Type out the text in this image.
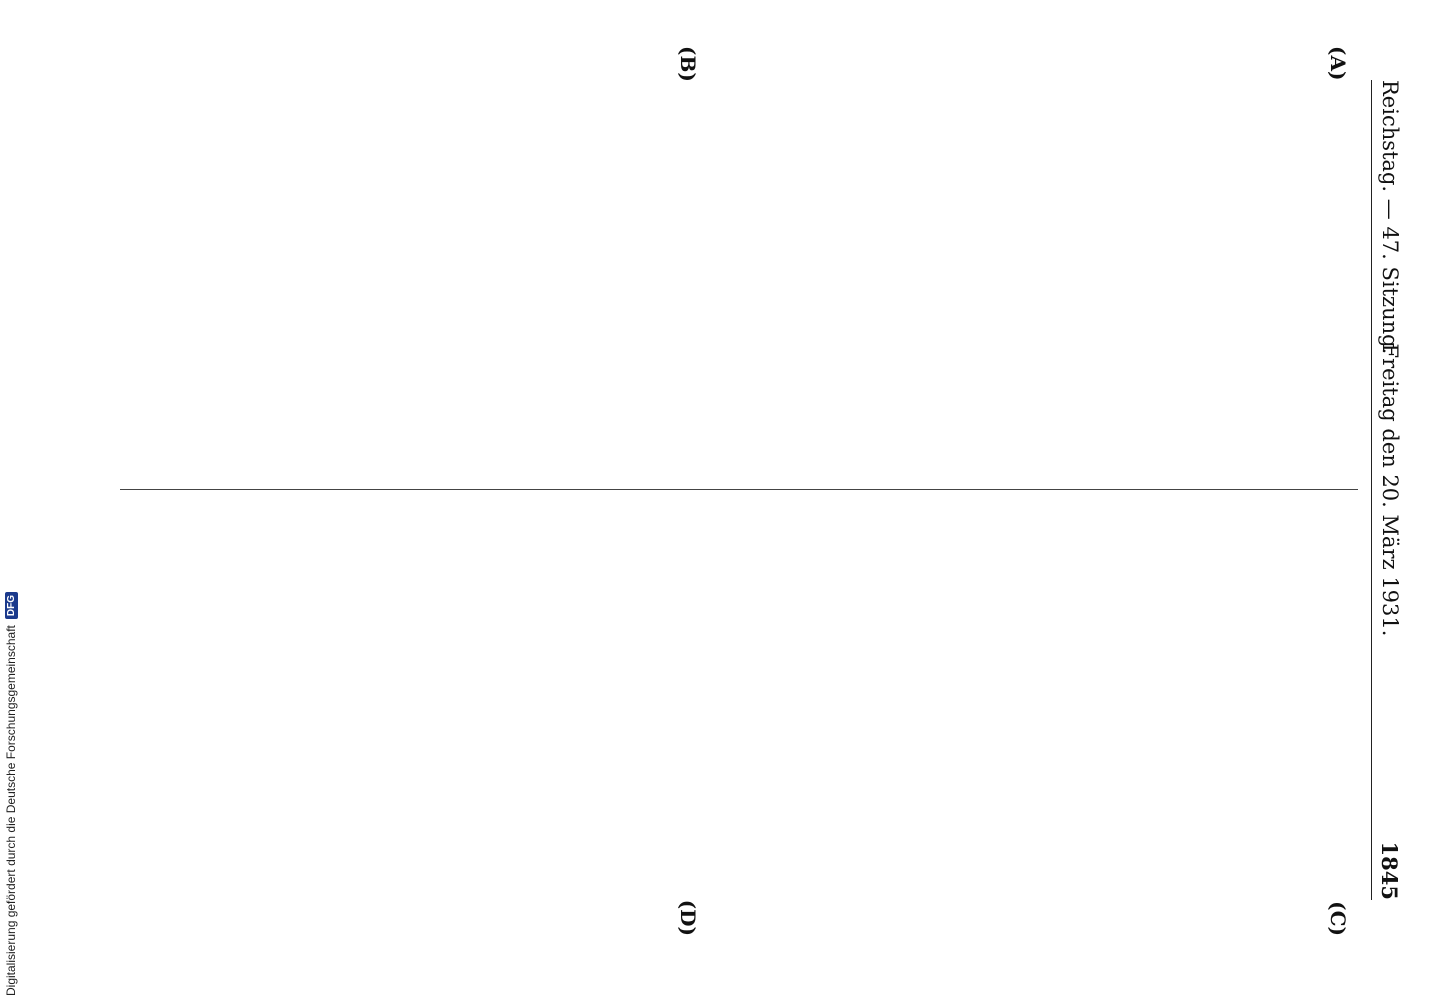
Reichstag. — 47. Sitzung.
Freitag den 20. März 1931.
1845

(A)
(B)
(C)
(D)
Digitalisierung gefördert durch die Deutsche Forschungsgemeinschaft
DFG
